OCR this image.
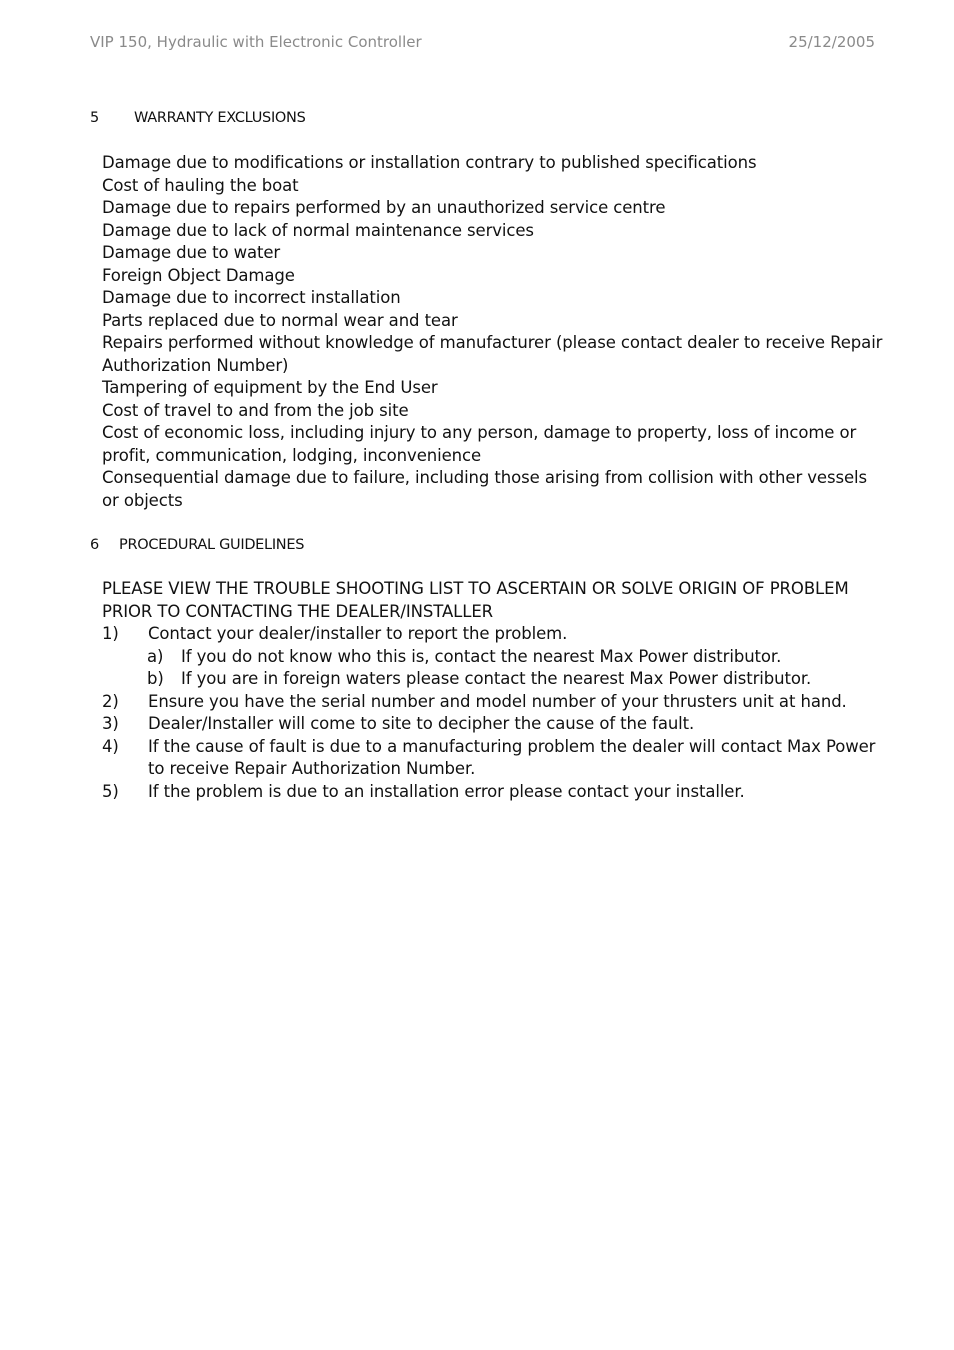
VIP 150, Hydraulic with Electronic Controller	25/12/2005
5 WARRANTY EXCLUSIONS
Damage due to modifications or installation contrary to published specifications
Cost of hauling the boat
Damage due to repairs performed by an unauthorized service centre
Damage due to lack of normal maintenance services
Damage due to water
Foreign Object Damage
Damage due to incorrect installation
Parts replaced due to normal wear and tear
Repairs performed without knowledge of manufacturer (please contact dealer to receive Repair
Authorization Number)
Tampering of equipment by the End User
Cost of travel to and from the job site
Cost of economic loss, including injury to any person, damage to property, loss of income or
profit, communication, lodging, inconvenience
Consequential damage due to failure, including those arising from collision with other vessels
or objects
6 PROCEDURAL GUIDELINES
PLEASE VIEW THE TROUBLE SHOOTING LIST TO ASCERTAIN OR SOLVE ORIGIN OF PROBLEM
PRIOR TO CONTACTING THE DEALER/INSTALLER
1) Contact your dealer/installer to report the problem.
a) If you do not know who this is, contact the nearest Max Power distributor.
b) If you are in foreign waters please contact the nearest Max Power distributor.
2) Ensure you have the serial number and model number of your thrusters unit at hand.
3) Dealer/Installer will come to site to decipher the cause of the fault.
4) If the cause of fault is due to a manufacturing problem the dealer will contact Max Power
to receive Repair Authorization Number.
5) If the problem is due to an installation error please contact your installer.
